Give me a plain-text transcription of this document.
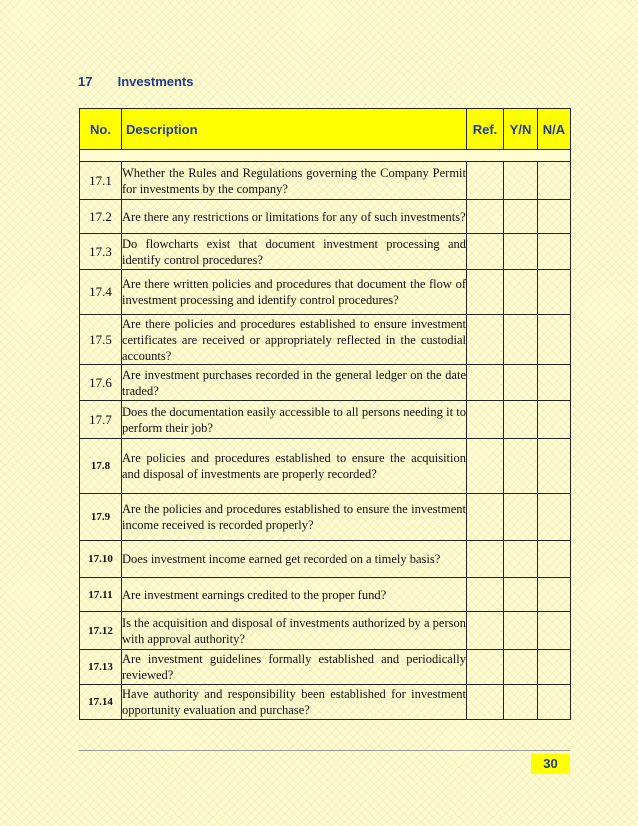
17 Investments
No.	Description	Ref.	Y/N	N/A

17.1	Whether the Rules and Regulations governing the Company Permit for investments by the company?			
17.2	Are there any restrictions or limitations for any of such investments?			
17.3	Do flowcharts exist that document investment processing and identify control procedures?			
17.4	Are there written policies and procedures that document the flow of investment processing and identify control procedures?			
17.5	Are there policies and procedures established to ensure investment certificates are received or appropriately reflected in the custodial accounts?			
17.6	Are investment purchases recorded in the general ledger on the date traded?			
17.7	Does the documentation easily accessible to all persons needing it to perform their job?			
17.8	Are policies and procedures established to ensure the acquisition and disposal of investments are properly recorded?			
17.9	Are the policies and procedures established to ensure the investment income received is recorded properly?			
17.10	Does investment income earned get recorded on a timely basis?			
17.11	Are investment earnings credited to the proper fund?			
17.12	Is the acquisition and disposal of investments authorized by a person with approval authority?			
17.13	Are investment guidelines formally established and periodically reviewed?			
17.14	Have authority and responsibility been established for investment opportunity evaluation and purchase?			
30
